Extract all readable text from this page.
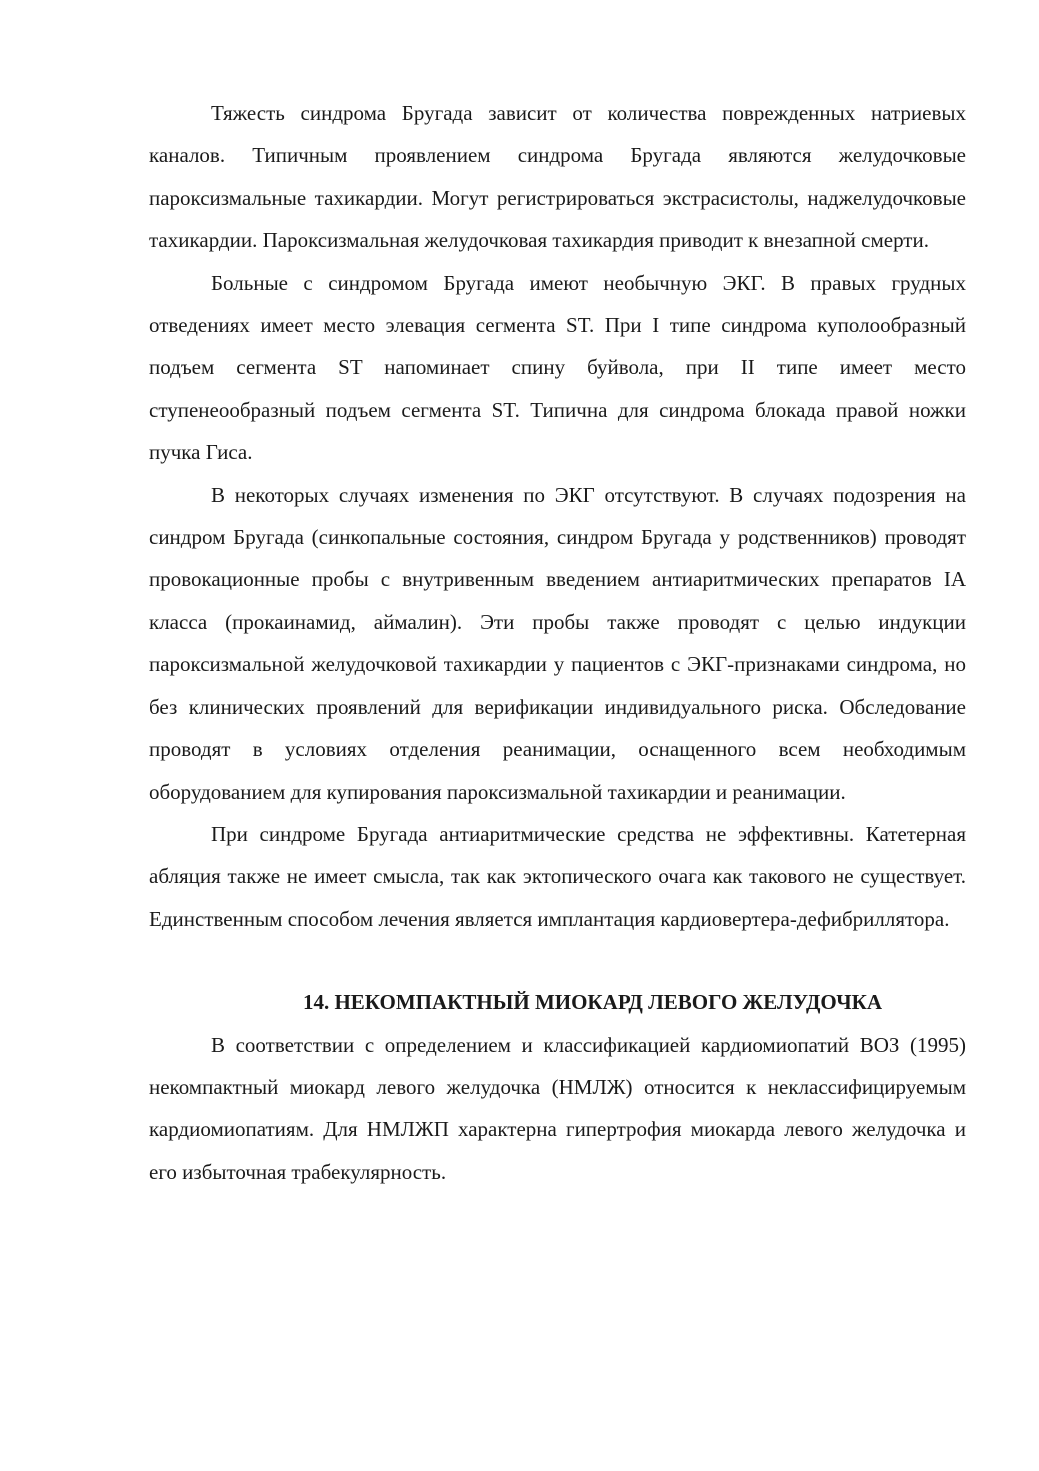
Тяжесть синдрома Бругада зависит от количества поврежденных натриевых каналов. Типичным проявлением синдрома Бругада являются желудочковые пароксизмальные тахикардии. Могут регистрироваться экстрасистолы, наджелудочковые тахикардии. Пароксизмальная желудочковая тахикардия приводит к внезапной смерти.

Больные с синдромом Бругада имеют необычную ЭКГ. В правых грудных отведениях имеет место элевация сегмента ST. При I типе синдрома куполообразный подъем сегмента ST напоминает спину буйвола, при II типе имеет место ступенеообразный подъем сегмента ST. Типична для синдрома блокада правой ножки пучка Гиса.

В некоторых случаях изменения по ЭКГ отсутствуют. В случаях подозрения на синдром Бругада (синкопальные состояния, синдром Бругада у родственников) проводят провокационные пробы с внутривенным введением антиаритмических препаратов IA класса (прокаинамид, аймалин). Эти пробы также проводят с целью индукции пароксизмальной желудочковой тахикардии у пациентов с ЭКГ-признаками синдрома, но без клинических проявлений для верификации индивидуального риска. Обследование проводят в условиях отделения реанимации, оснащенного всем необходимым оборудованием для купирования пароксизмальной тахикардии и реанимации.

При синдроме Бругада антиаритмические средства не эффективны. Катетерная абляция также не имеет смысла, так как эктопического очага как такового не существует. Единственным способом лечения является имплантация кардиовертера-дефибриллятора.

14. НЕКОМПАКТНЫЙ МИОКАРД ЛЕВОГО ЖЕЛУДОЧКА

В соответствии с определением и классификацией кардиомиопатий ВОЗ (1995) некомпактный миокард левого желудочка (НМЛЖ) относится к неклассифицируемым кардиомиопатиям. Для НМЛЖП характерна гипертрофия миокарда левого желудочка и его избыточная трабекулярность.
